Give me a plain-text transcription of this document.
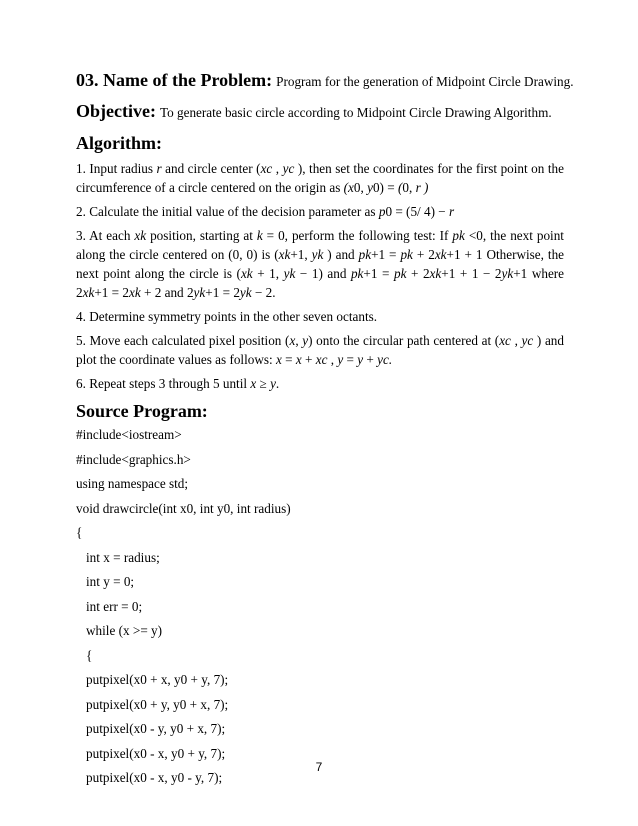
03. Name of the Problem: Program for the generation of Midpoint Circle Drawing.
Objective: To generate basic circle according to Midpoint Circle Drawing Algorithm.
Algorithm:

1. Input radius r and circle center (xc , yc ), then set the coordinates for the first point on the circumference of a circle centered on the origin as (x0, y0) = (0, r )

2. Calculate the initial value of the decision parameter as p0 = (5/ 4) − r

3. At each xk position, starting at k = 0, perform the following test: If pk <0, the next point along the circle centered on (0, 0) is (xk+1, yk ) and pk+1 = pk + 2xk+1 + 1 Otherwise, the next point along the circle is (xk + 1, yk − 1) and pk+1 = pk + 2xk+1 + 1 − 2yk+1 where 2xk+1 = 2xk + 2 and 2yk+1 = 2yk − 2.

4. Determine symmetry points in the other seven octants.

5. Move each calculated pixel position (x, y) onto the circular path centered at (xc , yc ) and plot the coordinate values as follows: x = x + xc , y = y + yc.

6. Repeat steps 3 through 5 until x ≥ y.

Source Program:
#include<iostream>
#include<graphics.h>
using namespace std;
void drawcircle(int x0, int y0, int radius)
{
int x = radius;
int y = 0;
int err = 0;
while (x >= y)
{
putpixel(x0 + x, y0 + y, 7);
putpixel(x0 + y, y0 + x, 7);
putpixel(x0 - y, y0 + x, 7);
putpixel(x0 - x, y0 + y, 7);
putpixel(x0 - x, y0 - y, 7);
7
